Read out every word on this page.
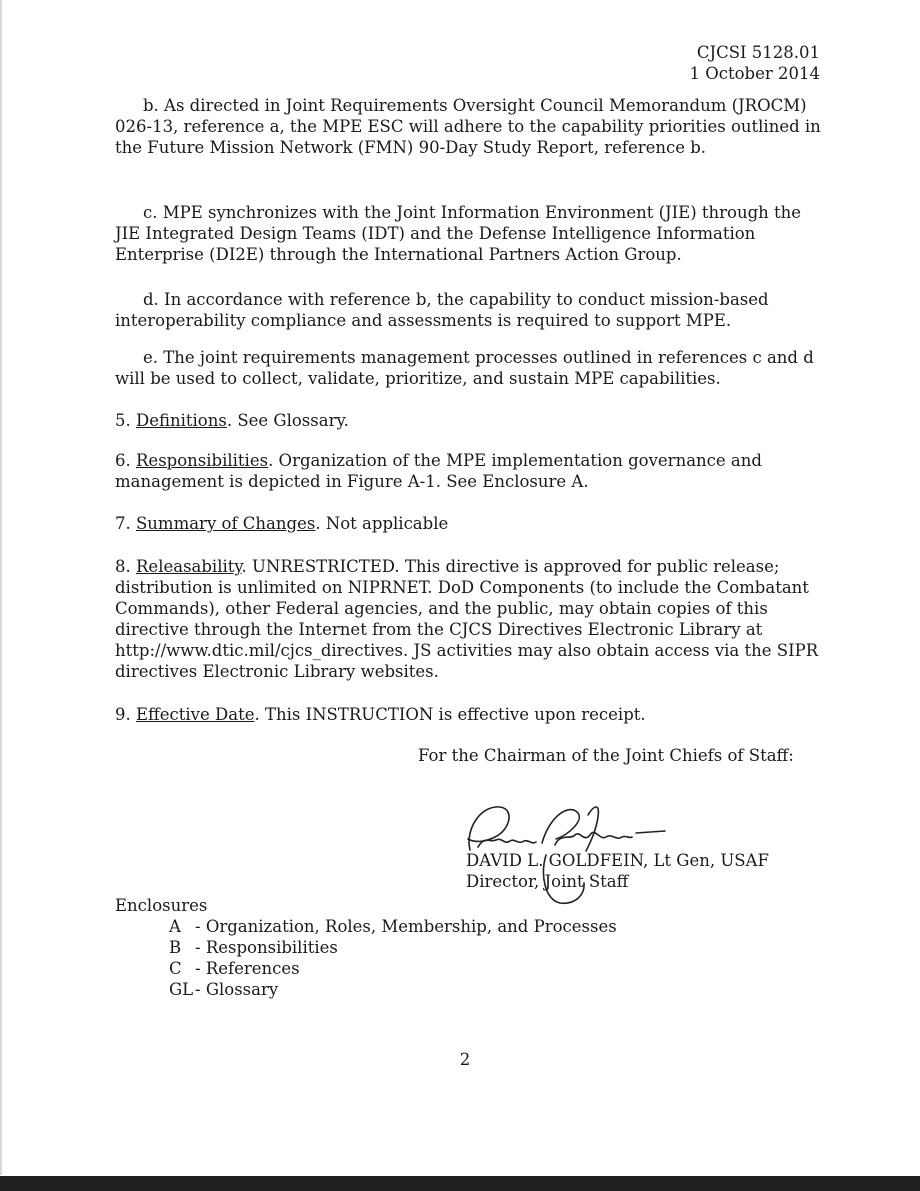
CJCSI 5128.01
1 October 2014

b. As directed in Joint Requirements Oversight Council Memorandum (JROCM) 026-13, reference a, the MPE ESC will adhere to the capability priorities outlined in the Future Mission Network (FMN) 90-Day Study Report, reference b.

c. MPE synchronizes with the Joint Information Environment (JIE) through the JIE Integrated Design Teams (IDT) and the Defense Intelligence Information Enterprise (DI2E) through the International Partners Action Group.

d. In accordance with reference b, the capability to conduct mission-based interoperability compliance and assessments is required to support MPE.

e. The joint requirements management processes outlined in references c and d will be used to collect, validate, prioritize, and sustain MPE capabilities.

5. Definitions. See Glossary.

6. Responsibilities. Organization of the MPE implementation governance and management is depicted in Figure A-1. See Enclosure A.

7. Summary of Changes. Not applicable

8. Releasability. UNRESTRICTED. This directive is approved for public release; distribution is unlimited on NIPRNET. DoD Components (to include the Combatant Commands), other Federal agencies, and the public, may obtain copies of this directive through the Internet from the CJCS Directives Electronic Library at http://www.dtic.mil/cjcs_directives. JS activities may also obtain access via the SIPR directives Electronic Library websites.

9. Effective Date. This INSTRUCTION is effective upon receipt.

For the Chairman of the Joint Chiefs of Staff:
DAVID L. GOLDFEIN, Lt Gen, USAF
Director, Joint Staff
Enclosures
A - Organization, Roles, Membership, and Processes
B - Responsibilities
C - References
GL - Glossary
2
